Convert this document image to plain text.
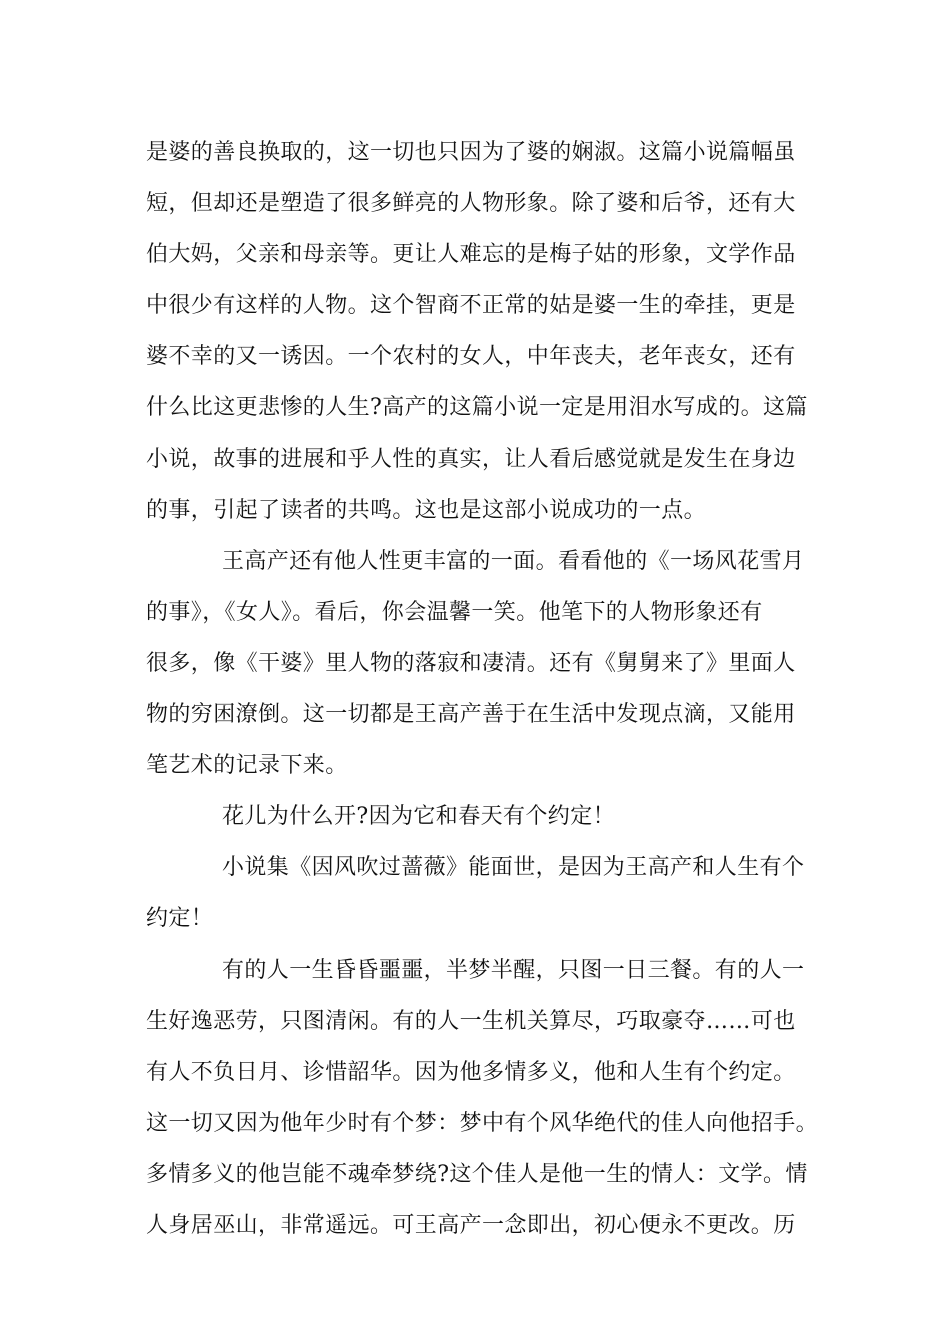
是婆的善良换取的，这一切也只因为了婆的娴淑。这篇小说篇幅虽
短，但却还是塑造了很多鲜亮的人物形象。除了婆和后爷，还有大
伯大妈，父亲和母亲等。更让人难忘的是梅子姑的形象，文学作品
中很少有这样的人物。这个智商不正常的姑是婆一生的牵挂，更是
婆不幸的又一诱因。一个农村的女人，中年丧夫，老年丧女，还有
什么比这更悲惨的人生?高产的这篇小说一定是用泪水写成的。这篇
小说，故事的进展和乎人性的真实，让人看后感觉就是发生在身边
的事，引起了读者的共鸣。这也是这部小说成功的一点。
王高产还有他人性更丰富的一面。看看他的《一场风花雪月
的事》，《女人》。看后，你会温馨一笑。他笔下的人物形象还有
很多，像《干婆》里人物的落寂和凄清。还有《舅舅来了》里面人
物的穷困潦倒。这一切都是王高产善于在生活中发现点滴，又能用
笔艺术的记录下来。
花儿为什么开?因为它和春天有个约定！
小说集《因风吹过蔷薇》能面世，是因为王高产和人生有个
约定！
有的人一生昏昏噩噩，半梦半醒，只图一日三餐。有的人一
生好逸恶劳，只图清闲。有的人一生机关算尽，巧取豪夺……可也
有人不负日月、诊惜韶华。因为他多情多义，他和人生有个约定。
这一切又因为他年少时有个梦：梦中有个风华绝代的佳人向他招手。
多情多义的他岂能不魂牵梦绕?这个佳人是他一生的情人：文学。情
人身居巫山，非常遥远。可王高产一念即出，初心便永不更改。历
